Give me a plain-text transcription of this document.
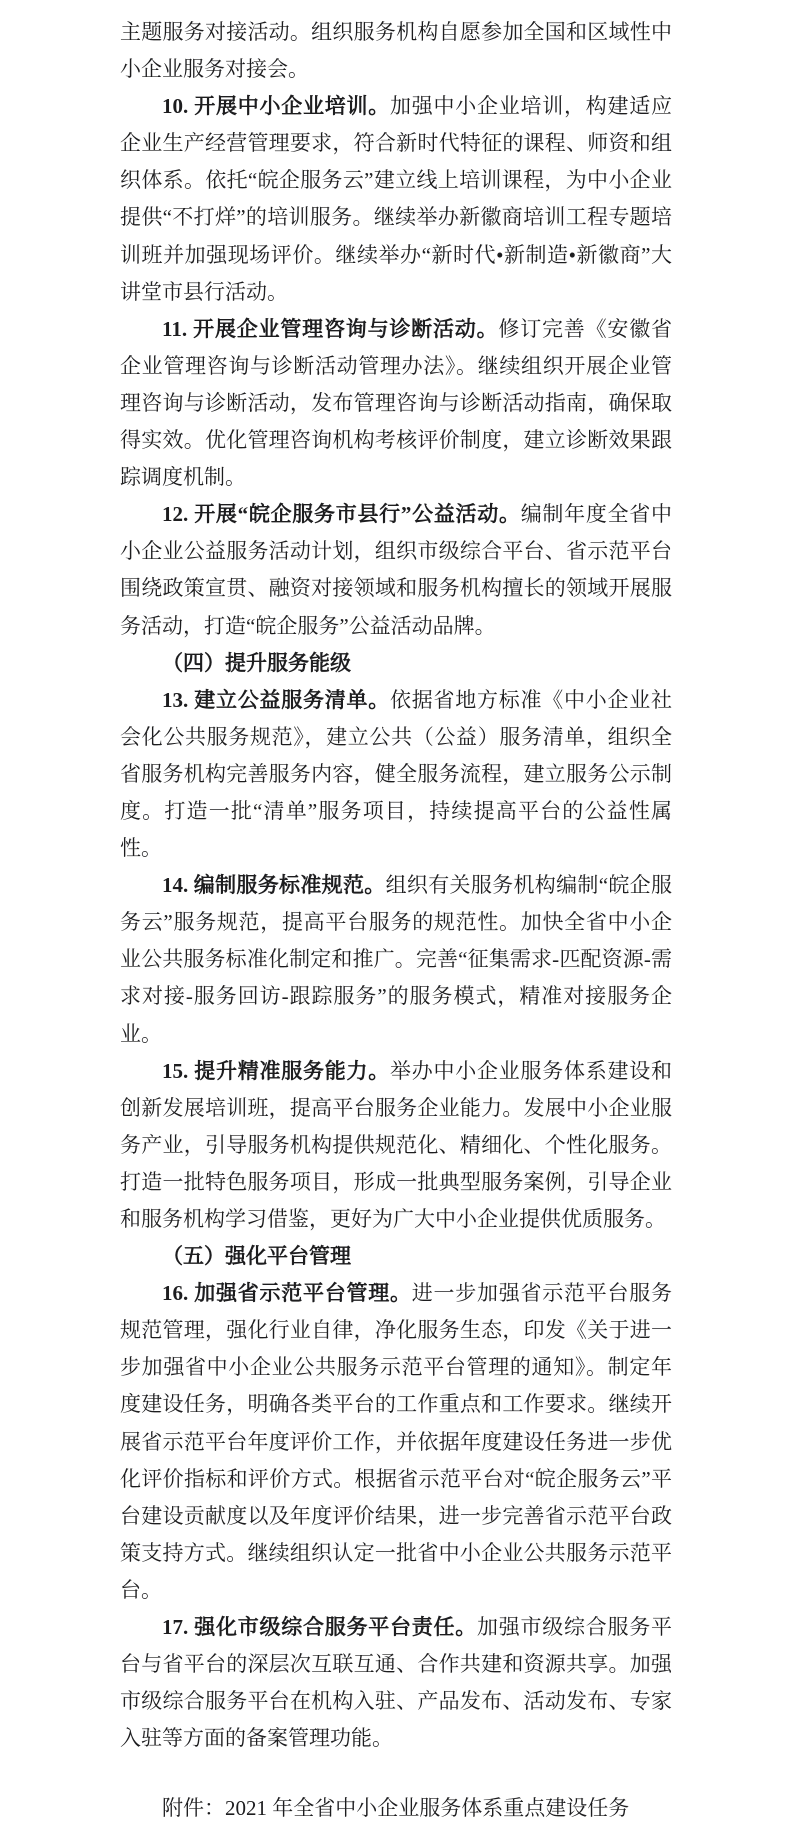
主题服务对接活动。组织服务机构自愿参加全国和区域性中小企业服务对接会。

10. 开展中小企业培训。加强中小企业培训，构建适应企业生产经营管理要求，符合新时代特征的课程、师资和组织体系。依托“皖企服务云”建立线上培训课程，为中小企业提供“不打烊”的培训服务。继续举办新徽商培训工程专题培训班并加强现场评价。继续举办“新时代•新制造•新徽商”大讲堂市县行活动。

11. 开展企业管理咨询与诊断活动。修订完善《安徽省企业管理咨询与诊断活动管理办法》。继续组织开展企业管理咨询与诊断活动，发布管理咨询与诊断活动指南，确保取得实效。优化管理咨询机构考核评价制度，建立诊断效果跟踪调度机制。

12. 开展“皖企服务市县行”公益活动。编制年度全省中小企业公益服务活动计划，组织市级综合平台、省示范平台围绕政策宣贯、融资对接领域和服务机构擅长的领域开展服务活动，打造“皖企服务”公益活动品牌。

（四）提升服务能级

13. 建立公益服务清单。依据省地方标准《中小企业社会化公共服务规范》，建立公共（公益）服务清单，组织全省服务机构完善服务内容，健全服务流程，建立服务公示制度。打造一批“清单”服务项目，持续提高平台的公益性属性。

14. 编制服务标准规范。组织有关服务机构编制“皖企服务云”服务规范，提高平台服务的规范性。加快全省中小企业公共服务标准化制定和推广。完善“征集需求-匹配资源-需求对接-服务回访-跟踪服务”的服务模式，精准对接服务企业。

15. 提升精准服务能力。举办中小企业服务体系建设和创新发展培训班，提高平台服务企业能力。发展中小企业服务产业，引导服务机构提供规范化、精细化、个性化服务。打造一批特色服务项目，形成一批典型服务案例，引导企业和服务机构学习借鉴，更好为广大中小企业提供优质服务。

（五）强化平台管理

16. 加强省示范平台管理。进一步加强省示范平台服务规范管理，强化行业自律，净化服务生态，印发《关于进一步加强省中小企业公共服务示范平台管理的通知》。制定年度建设任务，明确各类平台的工作重点和工作要求。继续开展省示范平台年度评价工作，并依据年度建设任务进一步优化评价指标和评价方式。根据省示范平台对“皖企服务云”平台建设贡献度以及年度评价结果，进一步完善省示范平台政策支持方式。继续组织认定一批省中小企业公共服务示范平台。

17. 强化市级综合服务平台责任。加强市级综合服务平台与省平台的深层次互联互通、合作共建和资源共享。加强市级综合服务平台在机构入驻、产品发布、活动发布、专家入驻等方面的备案管理功能。

附件：2021 年全省中小企业服务体系重点建设任务
